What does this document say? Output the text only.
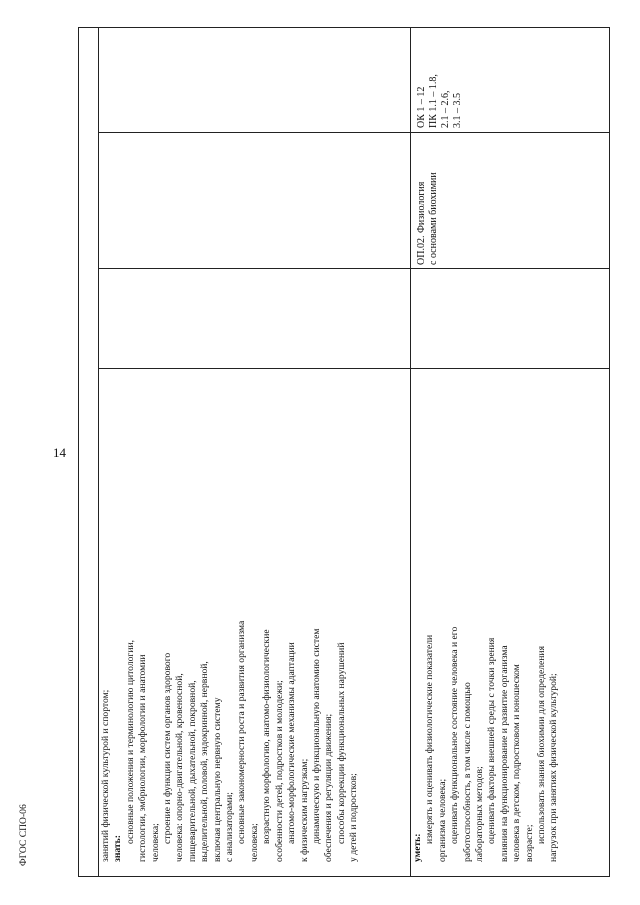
14
ФГОС СПО-06	занятий физической культурой и спортом; знать:
основные положения и терминологию цитологии, гистологии, эмбриологии, морфологии и анатомии человека; строение и функции систем органов здорового человека: опорно-двигательной, кровеносной, пищеварительной, дыхательной, покровной, выделительной, половой, эндокринной, нервной, включая центральную нервную систему с анализаторами; основные закономерности роста и развития организма человека; возрастную морфологию, анатомо-физиологические особенности детей, подростков и молодежи; анатомо-морфологические механизмы адаптации к физическим нагрузкам; динамическую и функциональную анатомию систем обеспечения и регуляции движения; способы коррекции функциональных нарушений у детей и подростков;	уметь:
измерять и оценивать физиологические показатели организма человека; оценивать функциональное состояние человека и его работоспособность, в том числе с помощью лабораторных методов; оценивать факторы внешней среды с точки зрения влияния на функционирование и развитие организма человека в детском, подростковом и юношеском возрасте; использовать знания биохимии для определения нагрузок при занятиях физической культурой;
ОП.02. Физиология с основами биохимии
ОК 1 – 12 ПК 1.1 – 1.8, 2.1 – 2.6, 3.1 – 3.5
